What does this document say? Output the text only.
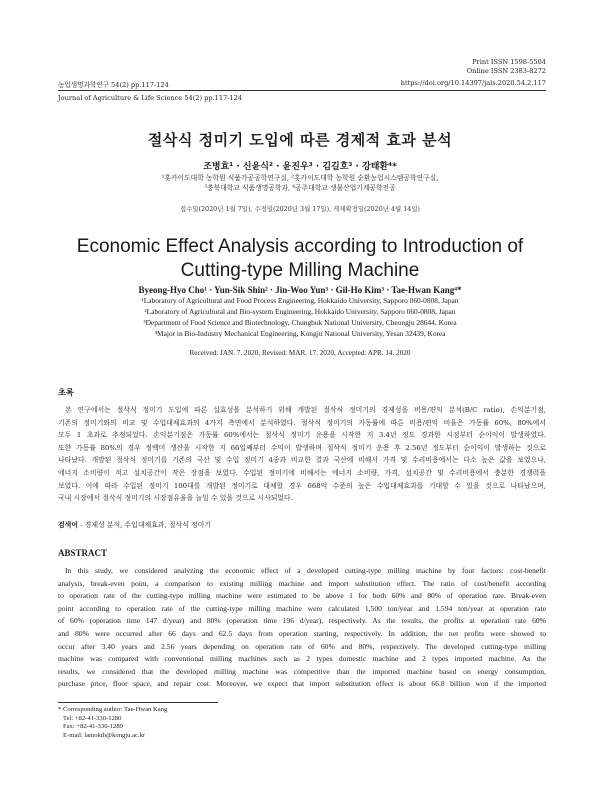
Print ISSN 1598-5504
Online ISSN 2383-8272
농업생명과학연구 54(2) pp.117-124	https://doi.org/10.14397/jals.2020.54.2.117
Journal of Agriculture & Life Science 54(2) pp.117-124
절삭식 정미기 도입에 따른 경제적 효과 분석
조병효¹ · 신윤식² · 윤진우³ · 김길호³ · 강태환⁴*
¹홋카이도대학 농학원 식품가공공학연구실, ²홋카이도대학 농학원 순환농업시스템공학연구실,
³충북대학교 식품생명공학과, ⁴공주대학교 생물산업기계공학전공
접수일(2020년 1월 7일), 수정일(2020년 3월 17일), 게재확정일(2020년 4월 14일)
Economic Effect Analysis according to Introduction of
Cutting-type Milling Machine
Byeong-Hyo Cho¹ · Yun-Sik Shin² · Jin-Woo Yun³ · Gil-Ho Kim³ · Tae-Hwan Kang⁴*
¹Laboratory of Agricultural and Food Process Engineering, Hokkaido University, Sapporo 060-0808, Japan
²Laboratory of Agricultural and Bio-system Engineering, Hokkaido University, Sapporo 060-0808, Japan
³Department of Food Science and Biotechnology, Chungbuk National University, Cheongju 28644, Korea
⁴Major in Bio-Industry Mechanical Engineering, Kongju National University, Yesan 32439, Korea
Received: JAN. 7. 2020, Revised: MAR. 17. 2020, Accepted: APR. 14. 2020
초록
본 연구에서는 절삭식 정미기 도입에 따른 실효성을 분석하기 위해 개발된 절삭식 정미기의 경제성을 비용/편익 분석(B/C ratio), 손익분기점,
기존의 정미기와의 비교 및 수입대체효과의 4가지 측면에서 분석하였다. 절삭식 정미기의 가동률에 따른 비용/편익 비율은 가동률 60%, 80%에서
모두 1 초과로 추정되었다. 손익분기점은 가동률 60%에서는 절삭식 정미기 운용을 시작한 지 3.4년 정도 경과한 시점부터 순이익이 발생하였다.
또한 가동률 80%의 경우 정백미 생산을 시작한 지 66일째부터 수익이 발생하며 절삭식 정미기 운용 후 2.56년 정도부터 순이익이 발생하는 것으로
나타났다. 개발된 절삭식 정미기를 기존의 국산 및 수입 정미기 4종과 비교한 결과 국산에 비해서 가격 및 수리비용에서는 다소 높은 값을 보였으나,
에너지 소비량이 적고 설치공간이 작은 장점을 보였다. 수입된 정미기에 비해서는 에너지 소비량, 가격, 설치공간 및 수리비용에서 충분한 경쟁력을
보였다. 이에 따라 수입된 정미기 100대를 개발된 정미기로 대체할 경우 668억 수준의 높은 수입대체효과를 기대할 수 있을 것으로 나타났으며,
국내 시장에서 절삭식 정미기의 시장점유율을 늘일 수 있을 것으로 시사되었다.
검색어 - 경제성 분석, 수입대체효과, 절삭식 정미기
ABSTRACT
In this study, we considered analyzing the economic effect of a developed cutting-type milling machine by four factors: cost-benefit
analysis, break-even point, a comparison to existing milling machine and import substitution effect. The ratio of cost/benefit according
to operation rate of the cutting-type milling machine were estimated to be above 1 for both 60% and 80% of operation rate. Break-even
point according to operation rate of the cutting-type milling machine were calculated 1,500 ton/year and 1,594 ton/year at operation rate
of 60% (operation time 147 d/year) and 80% (operation time 196 d/year), respectively. As the results, the profits at operation rate 60%
and 80% were occurred after 66 days and 62.5 days from operation starting, respectively. In addition, the net profits were showed to
occur after 3.40 years and 2.56 years depending on operation rate of 60% and 80%, respectively. The developed cutting-type milling
machine was compared with conventional milling machines such as 2 types domestic machine and 2 types imported machine. As the
results, we considered that the developed milling machine was competitive than the imported machine based on energy consumption,
purchase price, floor space, and repair cost. Moreover, we expect that import substitution effect is about 66.8 billion won if the imported
* Corresponding author: Tae-Hwan Kang
Tel: +82-41-330-1280
Fax: +82-41-330-1289
E-mail: lamokth@kongju.ac.kr
